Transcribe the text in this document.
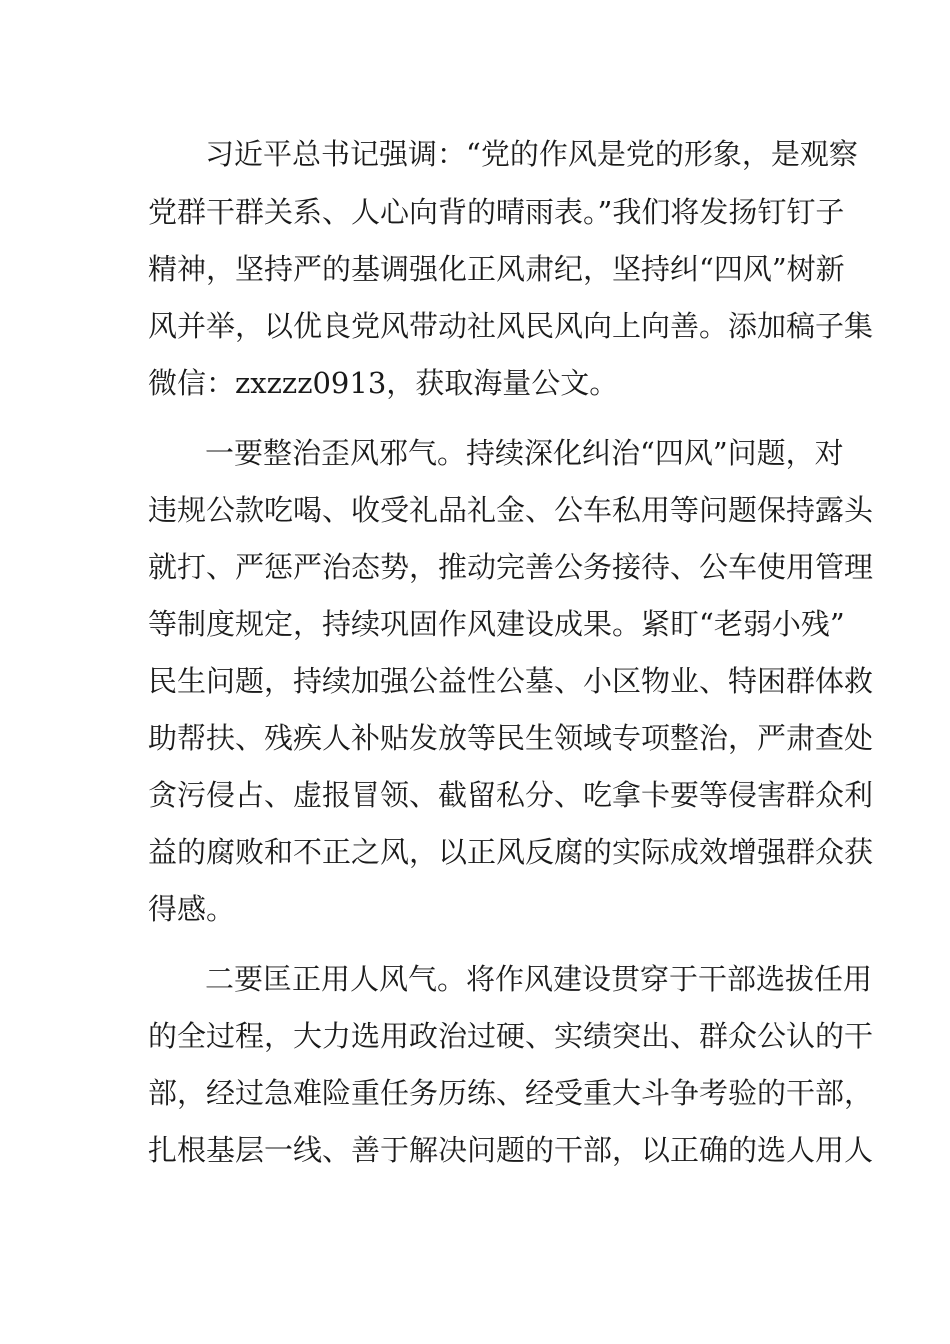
习近平总书记强调：“党的作风是党的形象，是观察

党群干群关系、人心向背的晴雨表。”我们将发扬钉钉子

精神，坚持严的基调强化正风肃纪，坚持纠“四风”树新

风并举，以优良党风带动社风民风向上向善。添加稿子集

微信：zxzzz0913，获取海量公文。

一要整治歪风邪气。持续深化纠治“四风”问题，对

违规公款吃喝、收受礼品礼金、公车私用等问题保持露头

就打、严惩严治态势，推动完善公务接待、公车使用管理

等制度规定，持续巩固作风建设成果。紧盯“老弱小残”

民生问题，持续加强公益性公墓、小区物业、特困群体救

助帮扶、残疾人补贴发放等民生领域专项整治，严肃查处

贪污侵占、虚报冒领、截留私分、吃拿卡要等侵害群众利

益的腐败和不正之风，以正风反腐的实际成效增强群众获

得感。

二要匡正用人风气。将作风建设贯穿于干部选拔任用

的全过程，大力选用政治过硬、实绩突出、群众公认的干

部，经过急难险重任务历练、经受重大斗争考验的干部，

扎根基层一线、善于解决问题的干部，以正确的选人用人
